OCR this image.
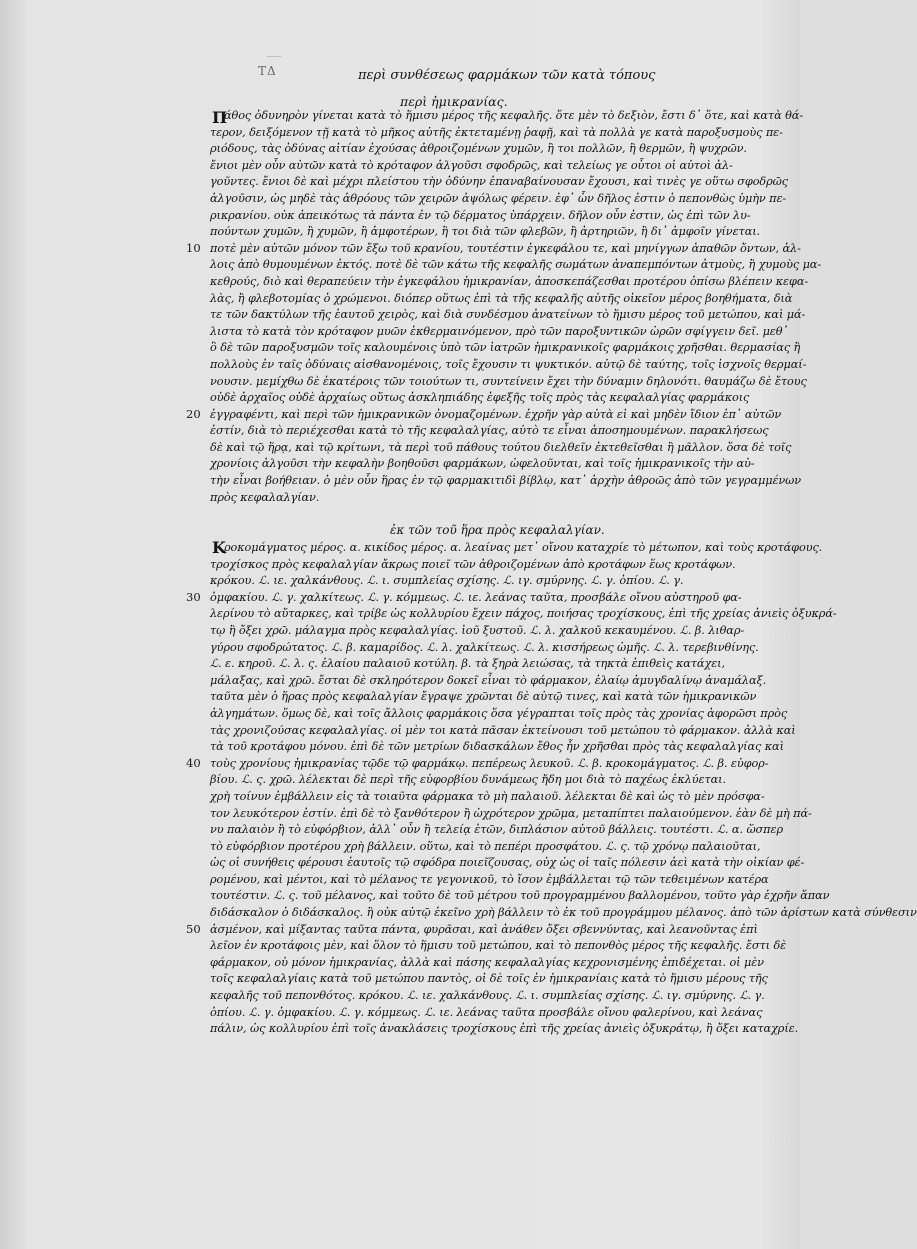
ΤΔ	περὶ συνθέσεως φαρμάκων τῶν κατὰ τόπους
περὶ ἡμικρανίας.
Π
άθος ὀδυνηρὸν γίνεται κατὰ τὸ ἥμισυ μέρος τῆς κεφαλῆς. ὅτε μὲν τὸ δεξιὸν, ἔστι δ᾽ ὅτε, καὶ κατὰ θά-
τερον, δειξόμενον τῇ κατὰ τὸ μῆκος αὐτῆς ἐκτεταμένῃ ῥαφῇ, καὶ τὰ πολλὰ γε κατὰ παροξυσμοὺς πε-
ριόδους, τὰς ὀδύνας αἰτίαν ἐχούσας ἀθροιζομένων χυμῶν, ἢ τοι πολλῶν, ἢ θερμῶν, ἢ ψυχρῶν.
ἔνιοι μὲν οὖν αὐτῶν κατὰ τὸ κρόταφον ἀλγοῦσι σφοδρῶς, καὶ τελείως γε οὗτοι οἱ αὐτοὶ ἀλ-
γοῦντες. ἔνιοι δὲ καὶ μέχρι πλείστου τὴν ὀδύνην ἐπαναβαίνουσαν ἔχουσι, καὶ τινὲς γε οὕτω σφοδρῶς
ἀλγοῦσιν, ὡς μηδὲ τὰς ἀθρόους τῶν χειρῶν ἀψόλως φέρειν. ἐφ᾽ ὧν δῆλος ἐστιν ὁ πεπονθὼς ὑμὴν πε-
ρικρανίου. οὐκ ἀπεικότως τὰ πάντα ἐν τῷ δέρματος ὑπάρχειν. δῆλον οὖν ἐστιν, ὡς ἐπὶ τῶν λυ-
πούντων χυμῶν, ἢ χυμῶν, ἢ ἀμφοτέρων, ἢ τοι διὰ τῶν φλεβῶν, ἢ ἀρτηριῶν, ἢ δι᾽ ἀμφοῖν γίνεται.
ποτὲ μὲν αὐτῶν μόνον τῶν ἔξω τοῦ κρανίου, τουτέστιν ἐγκεφάλου τε, καὶ μηνίγγων ἀπαθῶν ὄντων, ἀλ-
λοις ἀπὸ θυμουμένων ἐκτός. ποτὲ δὲ τῶν κάτω τῆς κεφαλῆς σωμάτων ἀναπεμπόντων ἀτμοὺς, ἢ χυμοὺς μα-
κεθρούς, διὸ καὶ θεραπεύειν τὴν ἐγκεφάλου ἡμικρανίαν, ἀποσκεπάζεσθαι προτέρου ὀπίσω βλέπειν κεφα-
λὰς, ἢ φλεβοτομίας ὁ χρώμενοι. διόπερ οὕτως ἐπὶ τὰ τῆς κεφαλῆς αὐτῆς οἰκεῖον μέρος βοηθήματα, διὰ
τε τῶν δακτύλων τῆς ἑαυτοῦ χειρὸς, καὶ διὰ συνδέσμου ἀνατείνων τὸ ἥμισυ μέρος τοῦ μετώπου, καὶ μά-
λιστα τὸ κατὰ τὸν κρόταφον μυῶν ἐκθερμαινόμενον, πρὸ τῶν παροξυντικῶν ὡρῶν σφίγγειν δεῖ. μεθ᾽
ὃ δὲ τῶν παροξυσμῶν τοῖς καλουμένοις ὑπὸ τῶν ἰατρῶν ἡμικρανικοῖς φαρμάκοις χρῆσθαι. θερμασίας ἢ
πολλοὺς ἐν ταῖς ὀδύναις αἰσθανομένοις, τοῖς ἔχουσιν τι ψυκτικόν. αὐτῷ δὲ ταύτης, τοῖς ἰσχνοῖς θερμαί-
νουσιν. μεμίχθω δὲ ἑκατέροις τῶν τοιούτων τι, συντείνειν ἔχει τὴν δύναμιν δηλονότι. θαυμάζω δὲ ἔτους
οὐδὲ ἀρχαῖος οὐδὲ ἀρχαίως οὕτως ἀσκληπιάδης ἐφεξῆς τοῖς πρὸς τὰς κεφαλαλγίας φαρμάκοις
ἐγγραφέντι, καὶ περὶ τῶν ἡμικρανικῶν ὀνομαζομένων. ἐχρῆν γὰρ αὐτὰ εἰ καὶ μηδὲν ἴδιον ἐπ᾽ αὐτῶν
ἐστίν, διὰ τὸ περιέχεσθαι κατὰ τὸ τῆς κεφαλαλγίας, αὐτὸ τε εἶναι ἀποσημουμένων. παρακλήσεως
δὲ καὶ τῷ ἥρᾳ, καὶ τῷ κρίτωνι, τὰ περὶ τοῦ πάθους τούτου διελθεῖν ἐκτεθεῖσθαι ἢ μᾶλλον. ὅσα δὲ τοῖς
χρονίοις ἀλγοῦσι τὴν κεφαλὴν βοηθοῦσι φαρμάκων, ὠφελοῦνται, καὶ τοῖς ἡμικρανικοῖς τὴν αὐ-
τὴν εἶναι βοήθειαν. ὁ μὲν οὖν ἥρας ἐν τῷ φαρμακιτιδὶ βίβλῳ, κατ᾽ ἀρχὴν ἀθροῶς ἀπὸ τῶν γεγραμμένων
πρὸς κεφαλαλγίαν.
ἐκ τῶν τοῦ ἥρα πρὸς κεφαλαλγίαν.
Κ
ροκομάγματος μέρος. α. κικίδος μέρος. α. λεαίνας μετ᾽ οἴνου καταχρίε τὸ μέτωπον, καὶ τοὺς κροτάφους.
τροχίσκος πρὸς κεφαλαλγίαν ἄκρως ποιεῖ τῶν ἀθροιζομένων ἀπὸ κροτάφων ἕως κροτάφων.
κρόκου. ℒ. ιε. χαλκάνθους. ℒ. ι. συμπλείας σχίσης. ℒ. ιγ. σμύρνης. ℒ. γ. ὀπίου. ℒ. γ.
ὀμφακίου. ℒ. γ. χαλκίτεως. ℒ. γ. κόμμεως. ℒ. ιε. λεάνας ταῦτα, προσβάλε οἴνου αὐστηροῦ φα-
λερίνου τὸ αὔταρκες, καὶ τρίβε ὡς κολλυρίου ἔχειν πάχος, ποιήσας τροχίσκους, ἐπὶ τῆς χρείας ἀνιεὶς ὀξυκρά-
τῳ ἢ ὄξει χρῶ. μάλαγμα πρὸς κεφαλαλγίας. ἰοῦ ξυστοῦ. ℒ. λ. χαλκοῦ κεκαυμένου. ℒ. β. λιθαρ-
γύρου σφοδρώτατος. ℒ. β. καμαρίδος. ℒ. λ. χαλκίτεως. ℒ. λ. κισσήρεως ὠμῆς. ℒ. λ. τερεβινθίνης.
ℒ. ε. κηροῦ. ℒ. λ. ς. ἐλαίου παλαιοῦ κοτύλη. β. τὰ ξηρὰ λειώσας, τὰ τηκτὰ ἐπιθεὶς κατάχει,
μάλαξας, καὶ χρῶ. ἔσται δὲ σκληρότερον δοκεῖ εἶναι τὸ φάρμακον, ἐλαίῳ ἀμυγδαλίνῳ ἀναμάλαξ.
ταῦτα μὲν ὁ ἥρας πρὸς κεφαλαλγίαν ἔγραψε χρῶνται δὲ αὐτῷ τινες, καὶ κατὰ τῶν ἡμικρανικῶν
ἀλγημάτων. ὅμως δὲ, καὶ τοῖς ἄλλοις φαρμάκοις ὅσα γέγραπται τοῖς πρὸς τὰς χρονίας ἀφορῶσι πρὸς
τὰς χρονιζούσας κεφαλαλγίας. οἱ μὲν τοι κατὰ πᾶσαν ἐκτείνουσι τοῦ μετώπου τὸ φάρμακον. ἀλλὰ καὶ
τὰ τοῦ κροτάφου μόνου. ἐπὶ δὲ τῶν μετρίων διδασκάλων ἔθος ἦν χρῆσθαι πρὸς τὰς κεφαλαλγίας καὶ
τοὺς χρονίους ἡμικρανίας τῷδε τῷ φαρμάκῳ. πεπέρεως λευκοῦ. ℒ. β. κροκομάγματος. ℒ. β. εὐφορ-
βίου. ℒ. ς. χρῶ. λέλεκται δὲ περὶ τῆς εὐφορβίου δυνάμεως ἤδη μοι διὰ τὸ παχέως ἐκλύεται.
χρὴ τοίνυν ἐμβάλλειν εἰς τὰ τοιαῦτα φάρμακα τὸ μὴ παλαιοῦ. λέλεκται δὲ καὶ ὡς τὸ μὲν πρόσφα-
τον λευκότερον ἐστίν. ἐπὶ δὲ τὸ ξανθότερον ἢ ὠχρότερον χρῶμα, μεταπίπτει παλαιούμενον. ἐὰν δὲ μὴ πά-
νυ παλαιὸν ἢ τὸ εὐφόρβιον, ἀλλ᾽ οὖν ἢ τελείᾳ ἐτῶν, διπλάσιον αὐτοῦ βάλλεις. τουτέστι. ℒ. α. ὥσπερ
τὸ εὐφόρβιον προτέρου χρὴ βάλλειν. οὕτω, καὶ τὸ πεπέρι προσφάτου. ℒ. ς. τῷ χρόνῳ παλαιοῦται,
ὡς οἱ συνήθεις φέρουσι ἑαυτοῖς τῷ σφόδρα ποιεῖζουσας, οὐχ ὡς οἱ ταῖς πόλεσιν ἀεὶ κατὰ τὴν οἰκίαν φέ-
ρομένου, καὶ μέντοι, καὶ τὸ μέλανος τε γεγονικοῦ, τὸ ἴσον ἐμβάλλεται τῷ τῶν τεθειμένων κατέρα
τουτέστιν. ℒ. ς. τοῦ μέλανος, καὶ τοῦτο δὲ τοῦ μέτρου τοῦ προγραμμένου βαλλομένου, τοῦτο γὰρ ἐχρῆν ἅπαν
διδάσκαλον ὁ διδάσκαλος. ἢ οὐκ αὐτῷ ἐκεῖνο χρὴ βάλλειν τὸ ἐκ τοῦ προγράμμου μέλανος. ἀπὸ τῶν ἀρίστων κατὰ σύνθεσιν
ἀσμένον, καὶ μίξαντας ταῦτα πάντα, φυρᾶσαι, καὶ ἀνάθεν ὄξει σβεννύντας, καὶ λεανοῦντας ἐπὶ
λεῖον ἐν κροτάφοις μὲν, καὶ ὅλον τὸ ἥμισυ τοῦ μετώπου, καὶ τὸ πεπονθὸς μέρος τῆς κεφαλῆς. ἔστι δὲ
φάρμακον, οὐ μόνον ἡμικρανίας, ἀλλὰ καὶ πάσης κεφαλαλγίας κεχρονισμένης ἐπιδέχεται. οἱ μὲν
τοῖς κεφαλαλγίαις κατὰ τοῦ μετώπου παντὸς, οἱ δὲ τοῖς ἐν ἡμικρανίαις κατὰ τὸ ἥμισυ μέρους τῆς
κεφαλῆς τοῦ πεπονθότος. κρόκου. ℒ. ιε. χαλκάνθους. ℒ. ι. συμπλείας σχίσης. ℒ. ιγ. σμύρνης. ℒ. γ.
ὀπίου. ℒ. γ. ὀμφακίου. ℒ. γ. κόμμεως. ℒ. ιε. λεάνας ταῦτα προσβάλε οἴνου φαλερίνου, καὶ λεάνας
πάλιν, ὡς κολλυρίου ἐπὶ τοῖς ἀνακλάσεις τροχίσκους ἐπὶ τῆς χρείας ἀνιεὶς ὀξυκράτῳ, ἢ ὄξει καταχρίε.
10
20
30
40
50
